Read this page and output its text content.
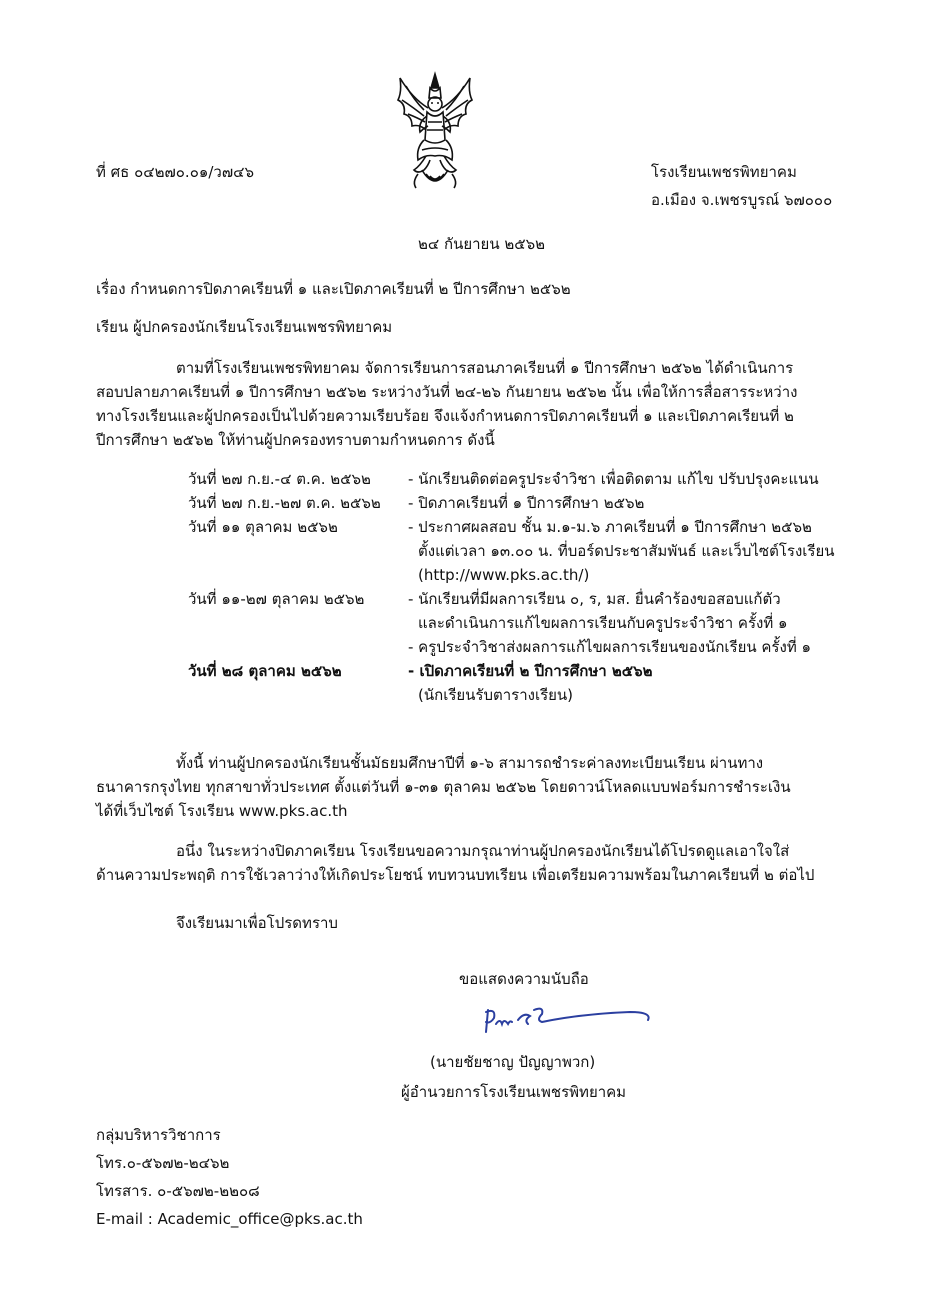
ที่ ศธ ๐๔๒๗๐.๐๑/ว๗๔๖	โรงเรียนเพชรพิทยาคม
อ.เมือง จ.เพชรบูรณ์ ๖๗๐๐๐
๒๔ กันยายน ๒๕๖๒
เรื่อง กำหนดการปิดภาคเรียนที่ ๑ และเปิดภาคเรียนที่ ๒ ปีการศึกษา ๒๕๖๒
เรียน ผู้ปกครองนักเรียนโรงเรียนเพชรพิทยาคม
ตามที่โรงเรียนเพชรพิทยาคม จัดการเรียนการสอนภาคเรียนที่ ๑ ปีการศึกษา ๒๕๖๒ ได้ดำเนินการ
สอบปลายภาคเรียนที่ ๑ ปีการศึกษา ๒๕๖๒ ระหว่างวันที่ ๒๔-๒๖ กันยายน ๒๕๖๒ นั้น เพื่อให้การสื่อสารระหว่าง
ทางโรงเรียนและผู้ปกครองเป็นไปด้วยความเรียบร้อย จึงแจ้งกำหนดการปิดภาคเรียนที่ ๑ และเปิดภาคเรียนที่ ๒
ปีการศึกษา ๒๕๖๒ ให้ท่านผู้ปกครองทราบตามกำหนดการ ดังนี้
วันที่ ๒๗ ก.ย.-๔ ต.ค. ๒๕๖๒ - นักเรียนติดต่อครูประจำวิชา เพื่อติดตาม แก้ไข ปรับปรุงคะแนน
วันที่ ๒๗ ก.ย.-๒๗ ต.ค. ๒๕๖๒ - ปิดภาคเรียนที่ ๑ ปีการศึกษา ๒๕๖๒
วันที่ ๑๑ ตุลาคม ๒๕๖๒	- ประกาศผลสอบ ชั้น ม.๑-ม.๖ ภาคเรียนที่ ๑ ปีการศึกษา ๒๕๖๒
ตั้งแต่เวลา ๑๓.๐๐ น. ที่บอร์ดประชาสัมพันธ์ และเว็บไซต์โรงเรียน
(http://www.pks.ac.th/)
วันที่ ๑๑-๒๗ ตุลาคม ๒๕๖๒	- นักเรียนที่มีผลการเรียน ๐, ร, มส. ยื่นคำร้องขอสอบแก้ตัว
และดำเนินการแก้ไขผลการเรียนกับครูประจำวิชา ครั้งที่ ๑
- ครูประจำวิชาส่งผลการแก้ไขผลการเรียนของนักเรียน ครั้งที่ ๑
วันที่ ๒๘ ตุลาคม ๒๕๖๒	- เปิดภาคเรียนที่ ๒ ปีการศึกษา ๒๕๖๒
(นักเรียนรับตารางเรียน)
ทั้งนี้ ท่านผู้ปกครองนักเรียนชั้นมัธยมศึกษาปีที่ ๑-๖ สามารถชำระค่าลงทะเบียนเรียน ผ่านทาง
ธนาคารกรุงไทย ทุกสาขาทั่วประเทศ ตั้งแต่วันที่ ๑-๓๑ ตุลาคม ๒๕๖๒ โดยดาวน์โหลดแบบฟอร์มการชำระเงิน
ได้ที่เว็บไซต์ โรงเรียน www.pks.ac.th
อนึ่ง ในระหว่างปิดภาคเรียน โรงเรียนขอความกรุณาท่านผู้ปกครองนักเรียนได้โปรดดูแลเอาใจใส่
ด้านความประพฤติ การใช้เวลาว่างให้เกิดประโยชน์ ทบทวนบทเรียน เพื่อเตรียมความพร้อมในภาคเรียนที่ ๒ ต่อไป
จึงเรียนมาเพื่อโปรดทราบ
ขอแสดงความนับถือ
(นายชัยชาญ ปัญญาพวก)
ผู้อำนวยการโรงเรียนเพชรพิทยาคม
กลุ่มบริหารวิชาการ
โทร.๐-๕๖๗๒-๒๔๖๒
โทรสาร. ๐-๕๖๗๒-๒๒๐๘
E-mail : Academic_office@pks.ac.th
